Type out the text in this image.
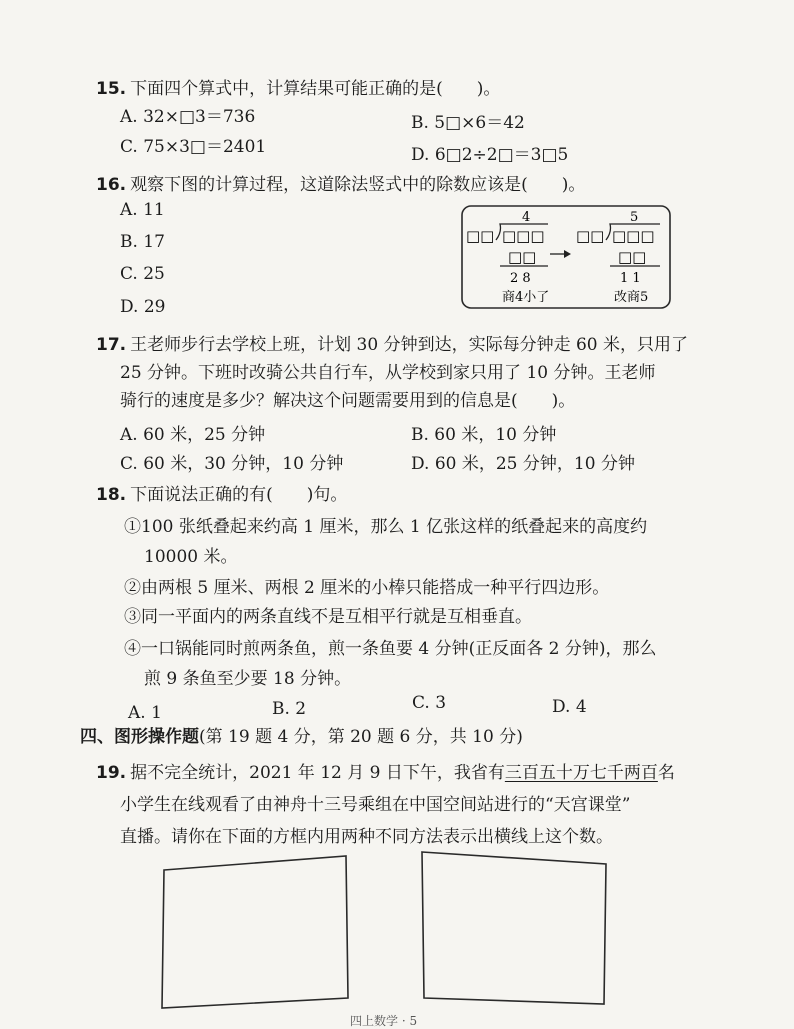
15. 下面四个算式中，计算结果可能正确的是(　　)。
A. 32×□3＝736	B. 5□×6＝42
C. 75×3□＝2401	D. 6□2÷2□＝3□5
16. 观察下图的计算过程，这道除法竖式中的除数应该是(　　)。
A. 11
B. 17
C. 25
D. 29
4
□□ □□□
□□
2 8
商4小了
5
□□ □□□
□□
1 1
改商5
17. 王老师步行去学校上班，计划 30 分钟到达，实际每分钟走 60 米，只用了
25 分钟。下班时改骑公共自行车，从学校到家只用了 10 分钟。王老师
骑行的速度是多少？解决这个问题需要用到的信息是(　　)。
A. 60 米，25 分钟	B. 60 米，10 分钟
C. 60 米，30 分钟，10 分钟	D. 60 米，25 分钟，10 分钟
18. 下面说法正确的有(　　)句。
①100 张纸叠起来约高 1 厘米，那么 1 亿张这样的纸叠起来的高度约
10000 米。
②由两根 5 厘米、两根 2 厘米的小棒只能搭成一种平行四边形。
③同一平面内的两条直线不是互相平行就是互相垂直。
④一口锅能同时煎两条鱼，煎一条鱼要 4 分钟(正反面各 2 分钟)，那么
煎 9 条鱼至少要 18 分钟。
A. 1	B. 2	C. 3	D. 4
四、图形操作题(第 19 题 4 分，第 20 题 6 分，共 10 分)
19. 据不完全统计，2021 年 12 月 9 日下午，我省有三百五十万七千两百名
小学生在线观看了由神舟十三号乘组在中国空间站进行的“天宫课堂”
直播。请你在下面的方框内用两种不同方法表示出横线上这个数。
四上数学 · 5
